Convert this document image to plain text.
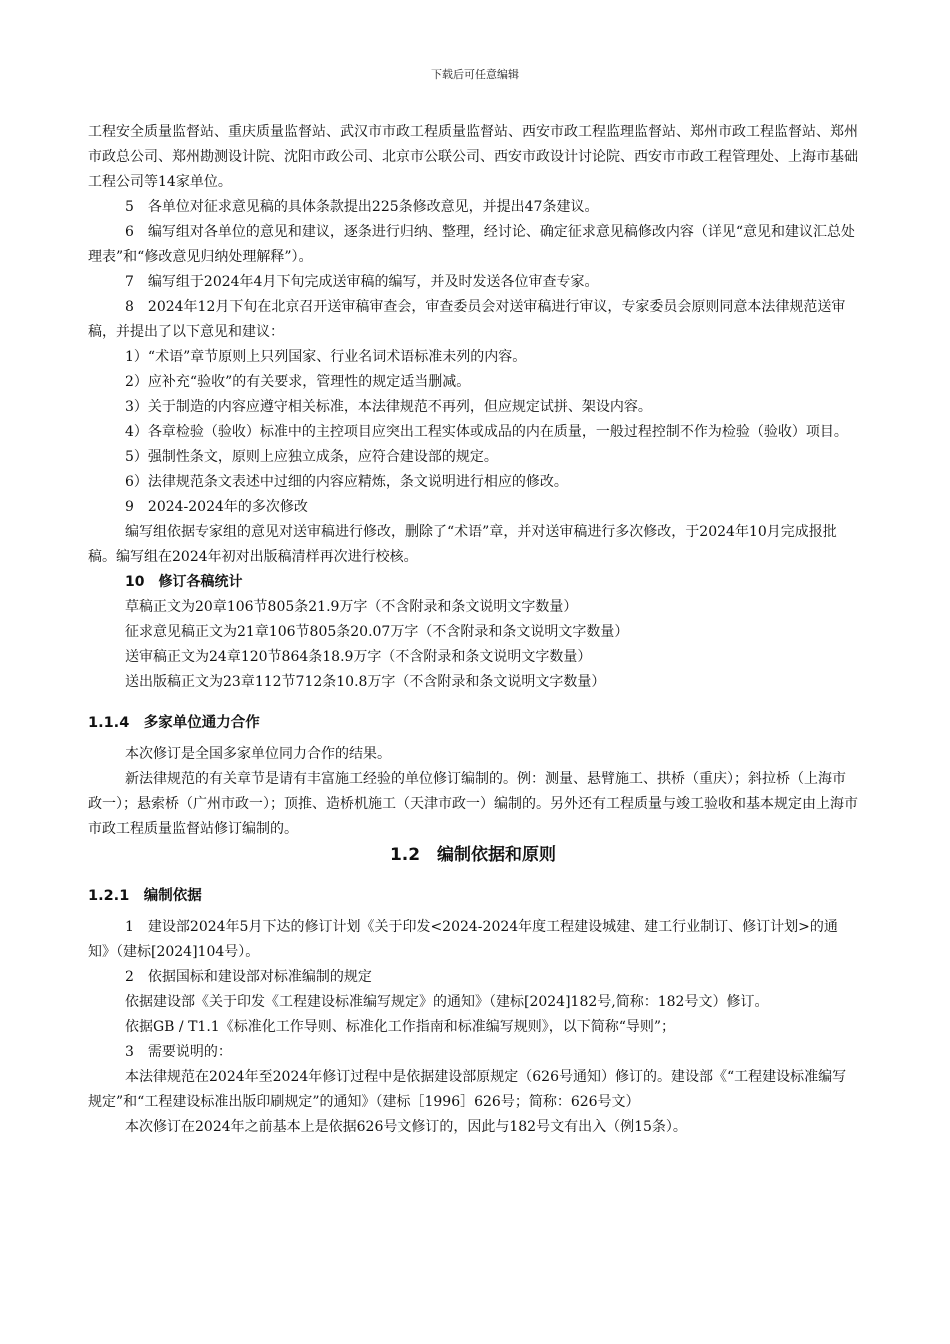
下载后可任意编辑

工程安全质量监督站、重庆质量监督站、武汉市市政工程质量监督站、西安市政工程监理监督站、郑州市政工程监督站、郑州市政总公司、郑州勘测设计院、沈阳市政公司、北京市公联公司、西安市政设计讨论院、西安市市政工程管理处、上海市基础工程公司等14家单位。

5　各单位对征求意见稿的具体条款提出225条修改意见，并提出47条建议。

6　编写组对各单位的意见和建议，逐条进行归纳、整理，经讨论、确定征求意见稿修改内容（详见“意见和建议汇总处理表”和“修改意见归纳处理解释”）。

7　编写组于2024年4月下旬完成送审稿的编写，并及时发送各位审查专家。

8　2024年12月下旬在北京召开送审稿审查会，审查委员会对送审稿进行审议，专家委员会原则同意本法律规范送审稿，并提出了以下意见和建议：

1）“术语”章节原则上只列国家、行业名词术语标准未列的内容。

2）应补充“验收”的有关要求，管理性的规定适当删减。

3）关于制造的内容应遵守相关标准，本法律规范不再列，但应规定试拼、架设内容。

4）各章检验（验收）标准中的主控项目应突出工程实体或成品的内在质量，一般过程控制不作为检验（验收）项目。

5）强制性条文，原则上应独立成条，应符合建设部的规定。

6）法律规范条文表述中过细的内容应精炼，条文说明进行相应的修改。

9　2024-2024年的多次修改

编写组依据专家组的意见对送审稿进行修改，删除了“术语”章，并对送审稿进行多次修改，于2024年10月完成报批稿。编写组在2024年初对出版稿清样再次进行校核。

10　修订各稿统计

草稿正文为20章106节805条21.9万字（不含附录和条文说明文字数量）

征求意见稿正文为21章106节805条20.07万字（不含附录和条文说明文字数量）

送审稿正文为24章120节864条18.9万字（不含附录和条文说明文字数量）

送出版稿正文为23章112节712条10.8万字（不含附录和条文说明文字数量）

1.1.4　多家单位通力合作

本次修订是全国多家单位同力合作的结果。

新法律规范的有关章节是请有丰富施工经验的单位修订编制的。例：测量、悬臂施工、拱桥（重庆）；斜拉桥（上海市政一）；悬索桥（广州市政一）；顶推、造桥机施工（天津市政一）编制的。另外还有工程质量与竣工验收和基本规定由上海市市政工程质量监督站修订编制的。

1.2　编制依据和原则

1.2.1　编制依据

1　建设部2024年5月下达的修订计划《关于印发<2024-2024年度工程建设城建、建工行业制订、修订计划>的通知》（建标[2024]104号）。

2　依据国标和建设部对标准编制的规定

依据建设部《关于印发《工程建设标准编写规定》的通知》（建标[2024]182号,简称：182号文）修订。

依据GB / T1.1《标准化工作导则、标准化工作指南和标准编写规则》，以下简称“导则”；

3　需要说明的：

本法律规范在2024年至2024年修订过程中是依据建设部原规定（626号通知）修订的。建设部《“工程建设标准编写规定”和“工程建设标准出版印刷规定”的通知》（建标［1996］626号；简称：626号文）

本次修订在2024年之前基本上是依据626号文修订的，因此与182号文有出入（例15条）。
